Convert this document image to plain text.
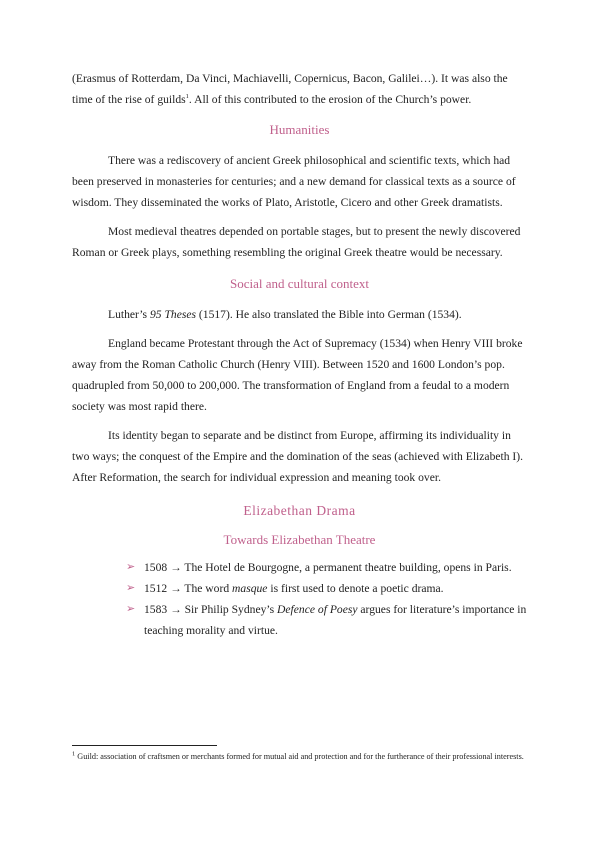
(Erasmus of Rotterdam, Da Vinci, Machiavelli, Copernicus, Bacon, Galilei…). It was also the time of the rise of guilds$^1$. All of this contributed to the erosion of the Church’s power.

Humanities

There was a rediscovery of ancient Greek philosophical and scientific texts, which had been preserved in monasteries for centuries; and a new demand for classical texts as a source of wisdom. They disseminated the works of Plato, Aristotle, Cicero and other Greek dramatists.

Most medieval theatres depended on portable stages, but to present the newly discovered Roman or Greek plays, something resembling the original Greek theatre would be necessary.

Social and cultural context

Luther’s 95 Theses (1517). He also translated the Bible into German (1534).

England became Protestant through the Act of Supremacy (1534) when Henry VIII broke away from the Roman Catholic Church (Henry VIII). Between 1520 and 1600 London’s pop. quadrupled from 50,000 to 200,000. The transformation of England from a feudal to a modern society was most rapid there.

Its identity began to separate and be distinct from Europe, affirming its individuality in two ways; the conquest of the Empire and the domination of the seas (achieved with Elizabeth I). After Reformation, the search for individual expression and meaning took over.

Elizabethan Drama
Towards Elizabethan Theatre
➢ 1508 → The Hotel de Bourgogne, a permanent theatre building, opens in Paris.
➢ 1512 → The word masque is first used to denote a poetic drama.
➢ 1583 → Sir Philip Sydney’s Defence of Poesy argues for literature’s importance in teaching morality and virtue.
$^1$ Guild: association of craftsmen or merchants formed for mutual aid and protection and for the furtherance of their professional interests.
